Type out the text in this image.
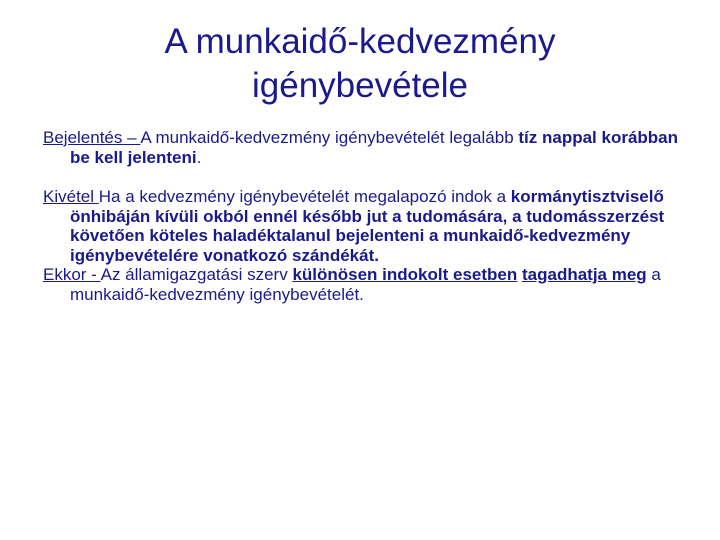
A munkaidő-kedvezmény
igénybevétele

Bejelentés – A munkaidő-kedvezmény igénybevételét legalább tíz nappal korábban be kell jelenteni.

Kivétel Ha a kedvezmény igénybevételét megalapozó indok a kormánytisztviselő önhibáján kívüli okból ennél később jut a tudomására, a tudomásszerzést követően köteles haladéktalanul bejelenteni a munkaidő-kedvezmény igénybevételére vonatkozó szándékát.

Ekkor - Az államigazgatási szerv különösen indokolt esetben tagadhatja meg a munkaidő-kedvezmény igénybevételét.
